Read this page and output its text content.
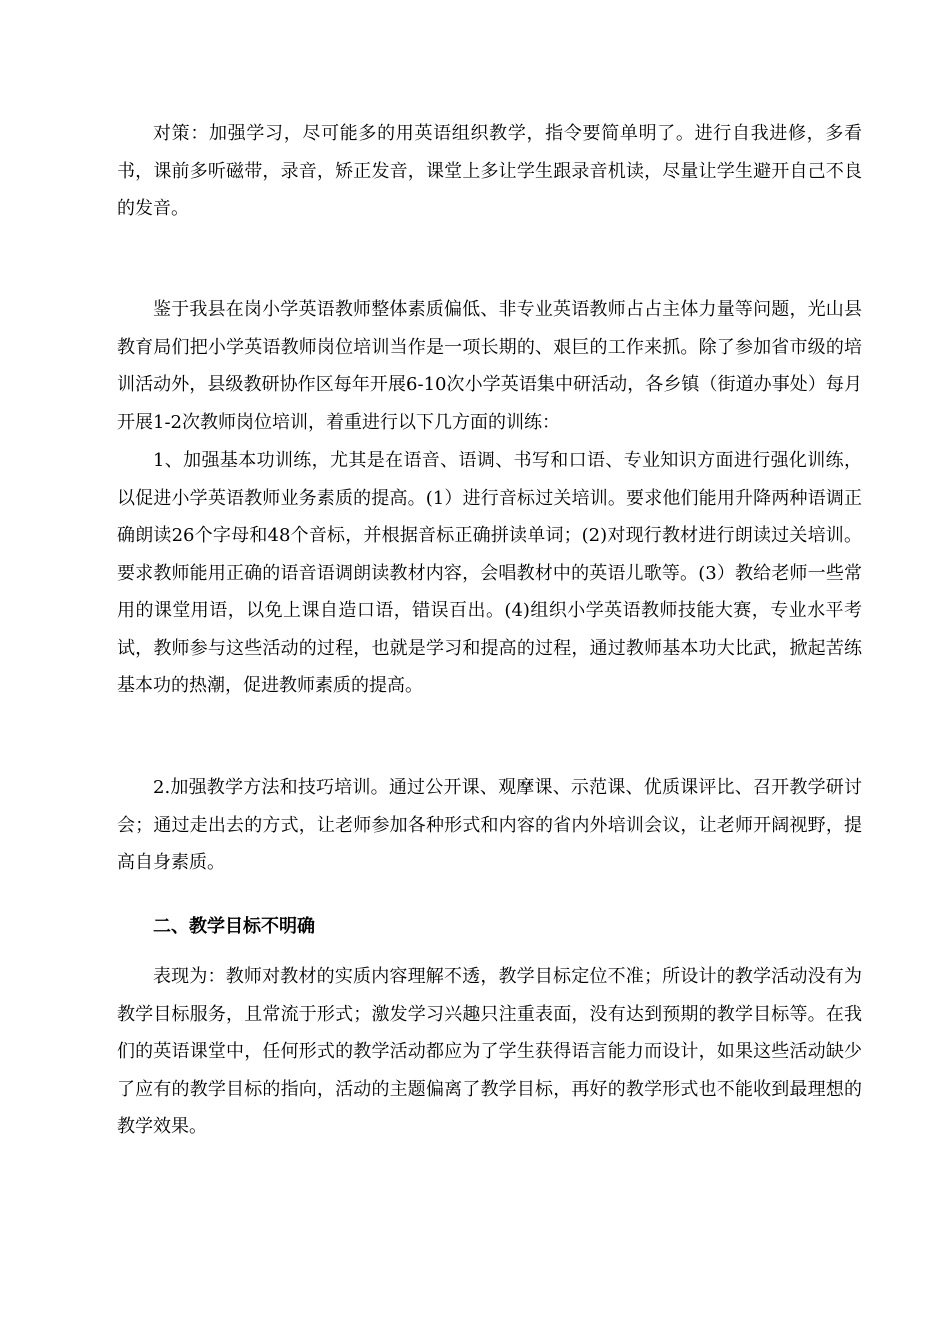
对策：加强学习，尽可能多的用英语组织教学，指令要简单明了。进行自我进修，多看书，课前多听磁带，录音，矫正发音，课堂上多让学生跟录音机读，尽量让学生避开自己不良的发音。

鉴于我县在岗小学英语教师整体素质偏低、非专业英语教师占占主体力量等问题，光山县教育局们把小学英语教师岗位培训当作是一项长期的、艰巨的工作来抓。除了参加省市级的培训活动外，县级教研协作区每年开展6-10次小学英语集中研活动，各乡镇（街道办事处）每月开展1-2次教师岗位培训，着重进行以下几方面的训练：

1、加强基本功训练，尤其是在语音、语调、书写和口语、专业知识方面进行强化训练，以促进小学英语教师业务素质的提高。(1）进行音标过关培训。要求他们能用升降两种语调正确朗读26个字母和48个音标，并根据音标正确拼读单词；(2)对现行教材进行朗读过关培训。要求教师能用正确的语音语调朗读教材内容，会唱教材中的英语儿歌等。(3）教给老师一些常用的课堂用语，以免上课自造口语，错误百出。(4)组织小学英语教师技能大赛，专业水平考试，教师参与这些活动的过程，也就是学习和提高的过程，通过教师基本功大比武，掀起苦练基本功的热潮，促进教师素质的提高。

2.加强教学方法和技巧培训。通过公开课、观摩课、示范课、优质课评比、召开教学研讨会；通过走出去的方式，让老师参加各种形式和内容的省内外培训会议，让老师开阔视野，提高自身素质。

二、教学目标不明确

表现为：教师对教材的实质内容理解不透，教学目标定位不准；所设计的教学活动没有为教学目标服务，且常流于形式；激发学习兴趣只注重表面，没有达到预期的教学目标等。在我们的英语课堂中，任何形式的教学活动都应为了学生获得语言能力而设计，如果这些活动缺少了应有的教学目标的指向，活动的主题偏离了教学目标，再好的教学形式也不能收到最理想的教学效果。
